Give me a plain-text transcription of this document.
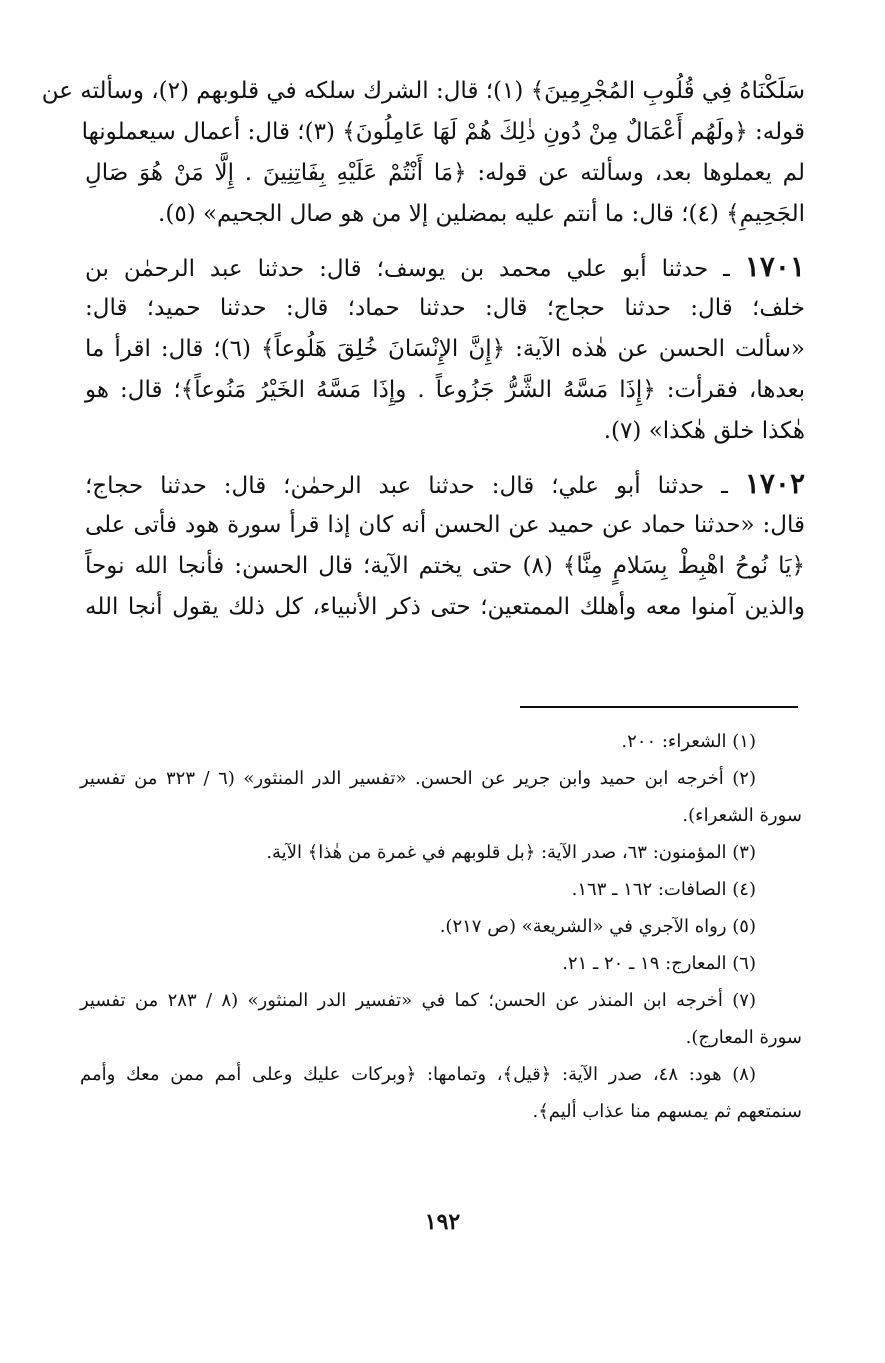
سَلَكْنَاهُ فِي قُلُوبِ المُجْرِمِينَ﴾ (١)؛ قال: الشرك سلكه في قلوبهم (٢)، وسألته عن
قوله: ﴿ولَهُم أَعْمَالٌ مِنْ دُونِ ذٰلِكَ هُمْ لَهَا عَامِلُونَ﴾ (٣)؛ قال: أعمال سيعملونها
لم يعملوها بعد، وسألته عن قوله: ﴿مَا أَنْتُمْ عَلَيْهِ بِفَاتِنِينَ . إِلَّا مَنْ هُوَ صَالِ
الجَحِيمِ﴾ (٤)؛ قال: ما أنتم عليه بمضلين إلا من هو صال الجحيم» (٥).
١٧٠١ ـ حدثنا أبو علي محمد بن يوسف؛ قال: حدثنا عبد الرحمٰن بن
خلف؛ قال: حدثنا حجاج؛ قال: حدثنا حماد؛ قال: حدثنا حميد؛ قال:
«سألت الحسن عن هٰذه الآية: ﴿إِنَّ الإِنْسَانَ خُلِقَ هَلُوعاً﴾ (٦)؛ قال: اقرأ ما
بعدها، فقرأت: ﴿إِذَا مَسَّهُ الشَّرُّ جَزُوعاً . وإِذَا مَسَّهُ الخَيْرُ مَنُوعاً﴾؛ قال: هو
هٰكذا خلق هٰكذا» (٧).
١٧٠٢ ـ حدثنا أبو علي؛ قال: حدثنا عبد الرحمٰن؛ قال: حدثنا حجاج؛
قال: «حدثنا حماد عن حميد عن الحسن أنه كان إذا قرأ سورة هود فأتى على
﴿يَا نُوحُ اهْبِطْ بِسَلامٍ مِنَّا﴾ (٨) حتى يختم الآية؛ قال الحسن: فأنجا الله نوحاً
والذين آمنوا معه وأهلك الممتعين؛ حتى ذكر الأنبياء، كل ذلك يقول أنجا الله
(١) الشعراء: ٢٠٠.
(٢) أخرجه ابن حميد وابن جرير عن الحسن. «تفسير الدر المنثور» (٦ / ٣٢٣ من تفسير
سورة الشعراء).
(٣) المؤمنون: ٦٣، صدر الآية: ﴿بل قلوبهم في غمرة من هٰذا﴾ الآية.
(٤) الصافات: ١٦٢ ـ ١٦٣.
(٥) رواه الآجري في «الشريعة» (ص ٢١٧).
(٦) المعارج: ١٩ ـ ٢٠ ـ ٢١.
(٧) أخرجه ابن المنذر عن الحسن؛ كما في «تفسير الدر المنثور» (٨ / ٢٨٣ من تفسير
سورة المعارج).
(٨) هود: ٤٨، صدر الآية: ﴿قيل﴾، وتمامها: ﴿وبركات عليك وعلى أمم ممن معك وأمم
سنمتعهم ثم يمسهم منا عذاب أليم﴾.
١٩٢
